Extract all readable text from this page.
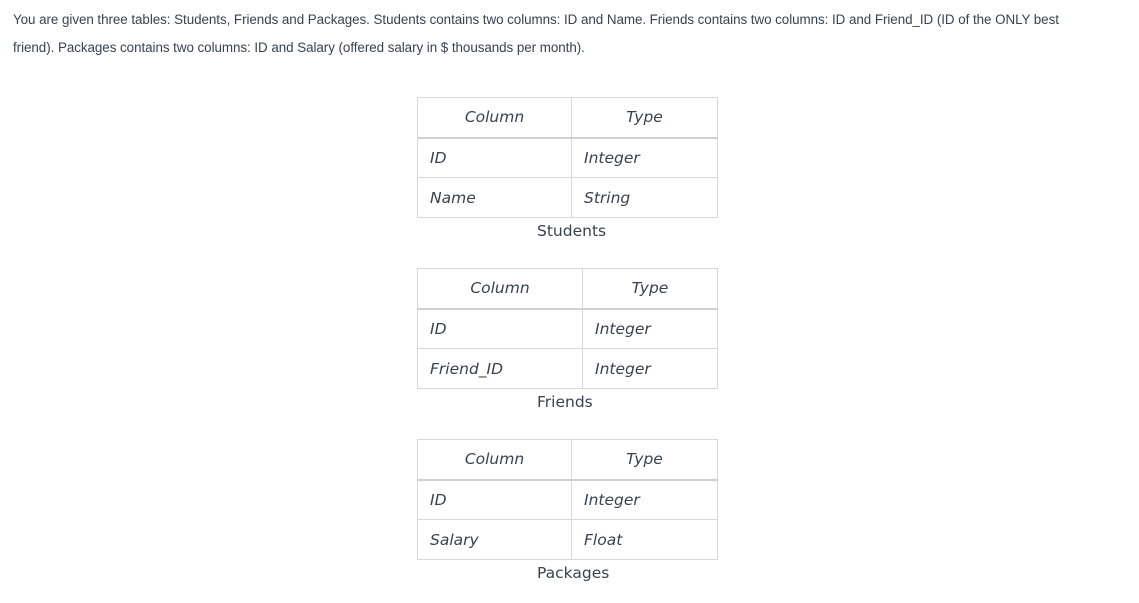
You are given three tables: Students, Friends and Packages. Students contains two columns: ID and Name. Friends contains two columns: ID and Friend_ID (ID of the ONLY best
friend). Packages contains two columns: ID and Salary (offered salary in $ thousands per month).

Column	Type
ID	Integer
Name	String
Students
Column	Type
ID	Integer
Friend_ID	Integer
Friends
Column	Type
ID	Integer
Salary	Float
Packages
